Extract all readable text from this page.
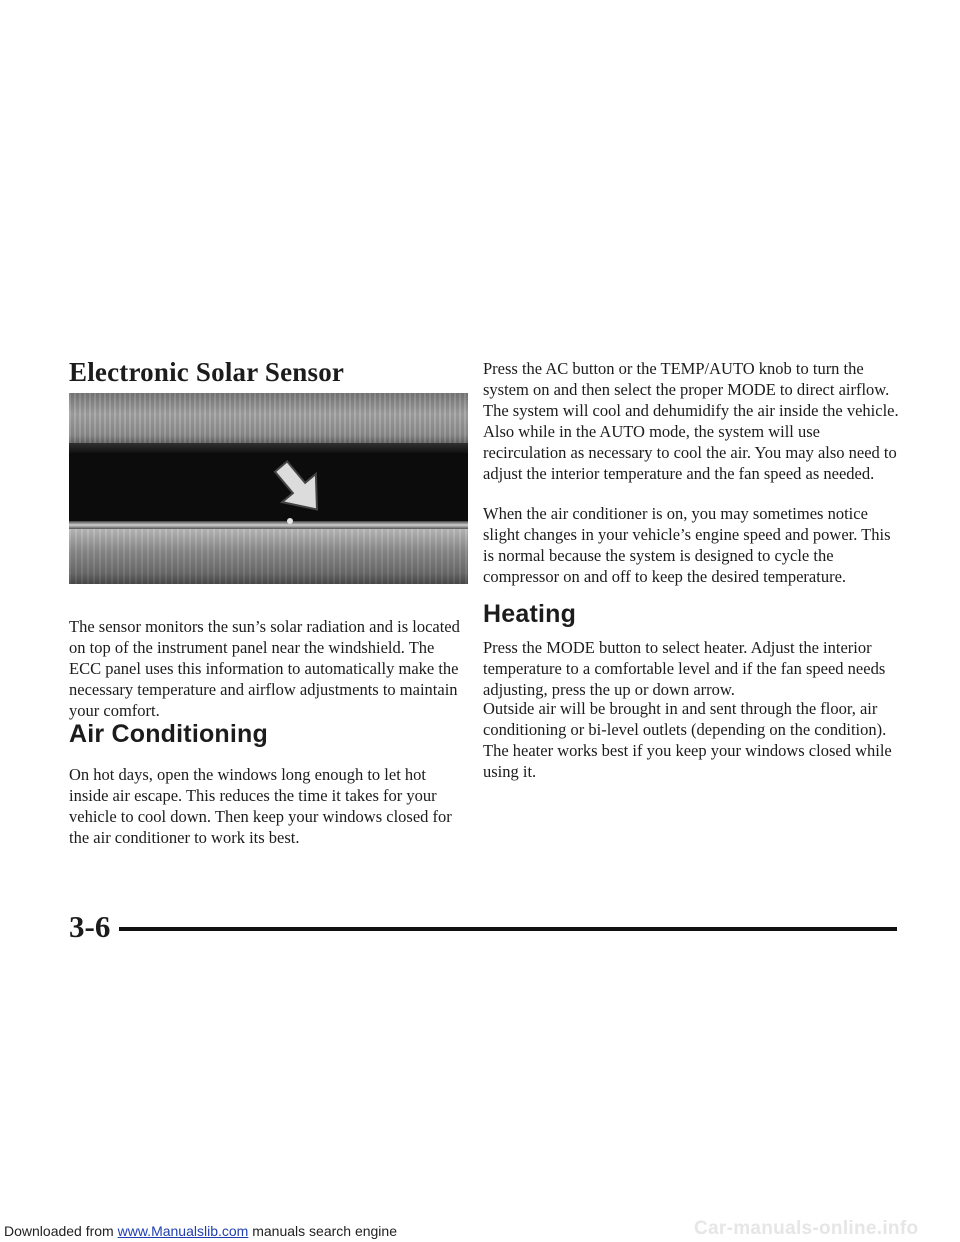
Electronic Solar Sensor

The sensor monitors the sun’s solar radiation and is located on top of the instrument panel near the windshield. The ECC panel uses this information to automatically make the necessary temperature and airflow adjustments to maintain your comfort.

Air Conditioning

On hot days, open the windows long enough to let hot inside air escape. This reduces the time it takes for your vehicle to cool down. Then keep your windows closed for the air conditioner to work its best.

Press the AC button or the TEMP/AUTO knob to turn the system on and then select the proper MODE to direct airflow. The system will cool and dehumidify the air inside the vehicle. Also while in the AUTO mode, the system will use recirculation as necessary to cool the air. You may also need to adjust the interior temperature and the fan speed as needed.

When the air conditioner is on, you may sometimes notice slight changes in your vehicle’s engine speed and power. This is normal because the system is designed to cycle the compressor on and off to keep the desired temperature.

Heating

Press the MODE button to select heater. Adjust the interior temperature to a comfortable level and if the fan speed needs adjusting, press the up or down arrow.

Outside air will be brought in and sent through the floor, air conditioning or bi-level outlets (depending on the condition). The heater works best if you keep your windows closed while using it.

3-6
Downloaded from www.Manualslib.com manuals search engine	Car-manuals-online.info
